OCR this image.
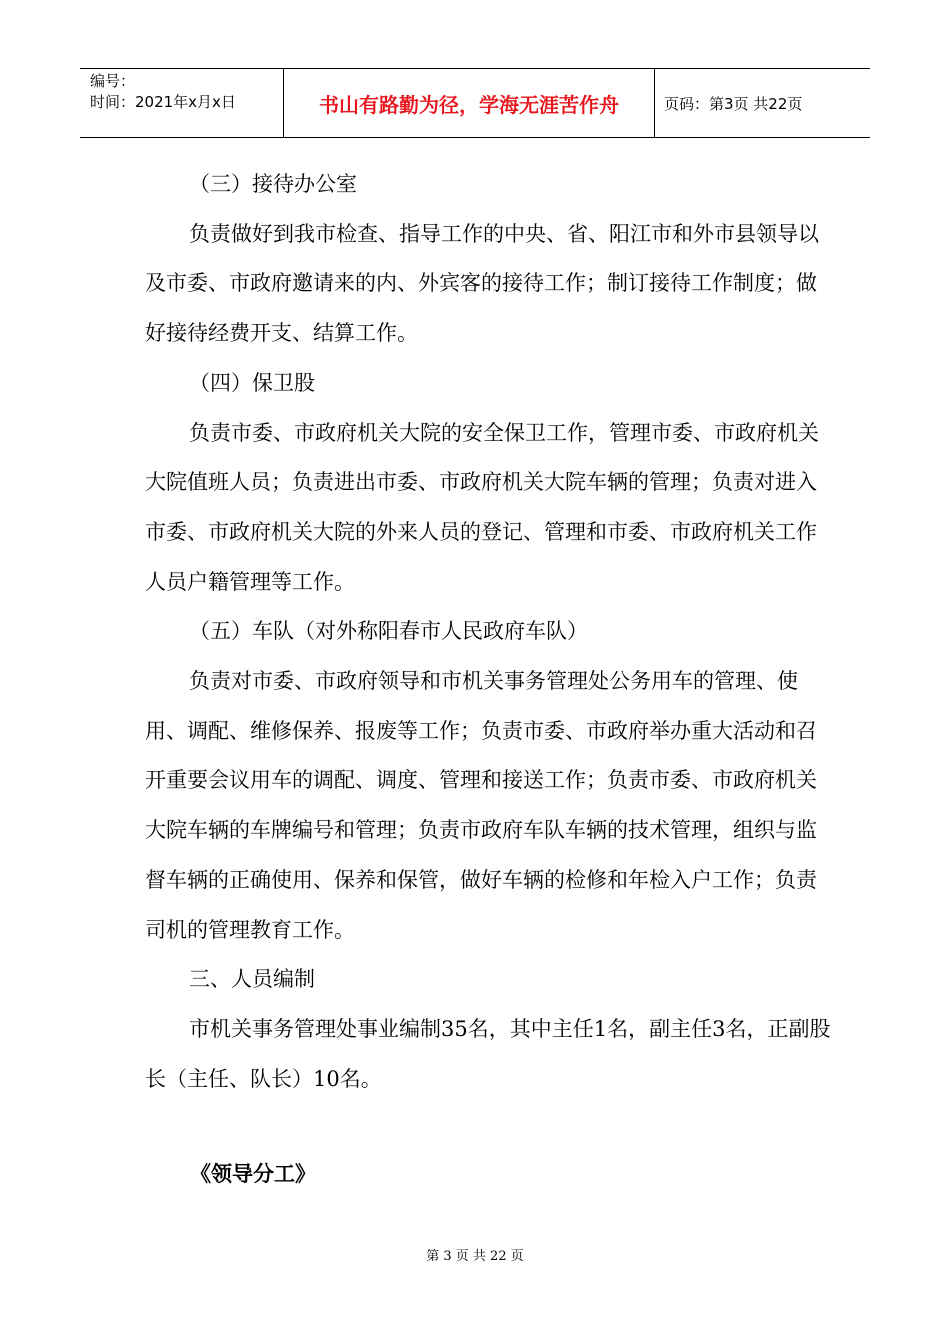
编号：
时间：2021年x月x日	书山有路勤为径，学海无涯苦作舟	页码：第3页 共22页

（三）接待办公室

负责做好到我市检查、指导工作的中央、省、阳江市和外市县领导以及市委、市政府邀请来的内、外宾客的接待工作；制订接待工作制度；做好接待经费开支、结算工作。

（四）保卫股

负责市委、市政府机关大院的安全保卫工作，管理市委、市政府机关大院值班人员；负责进出市委、市政府机关大院车辆的管理；负责对进入市委、市政府机关大院的外来人员的登记、管理和市委、市政府机关工作人员户籍管理等工作。

（五）车队（对外称阳春市人民政府车队）

负责对市委、市政府领导和市机关事务管理处公务用车的管理、使用、调配、维修保养、报废等工作；负责市委、市政府举办重大活动和召开重要会议用车的调配、调度、管理和接送工作；负责市委、市政府机关大院车辆的车牌编号和管理；负责市政府车队车辆的技术管理，组织与监督车辆的正确使用、保养和保管，做好车辆的检修和年检入户工作；负责司机的管理教育工作。

三、人员编制

市机关事务管理处事业编制35名，其中主任1名，副主任3名，正副股长（主任、队长）10名。

《领导分工》
第 3 页 共 22 页
